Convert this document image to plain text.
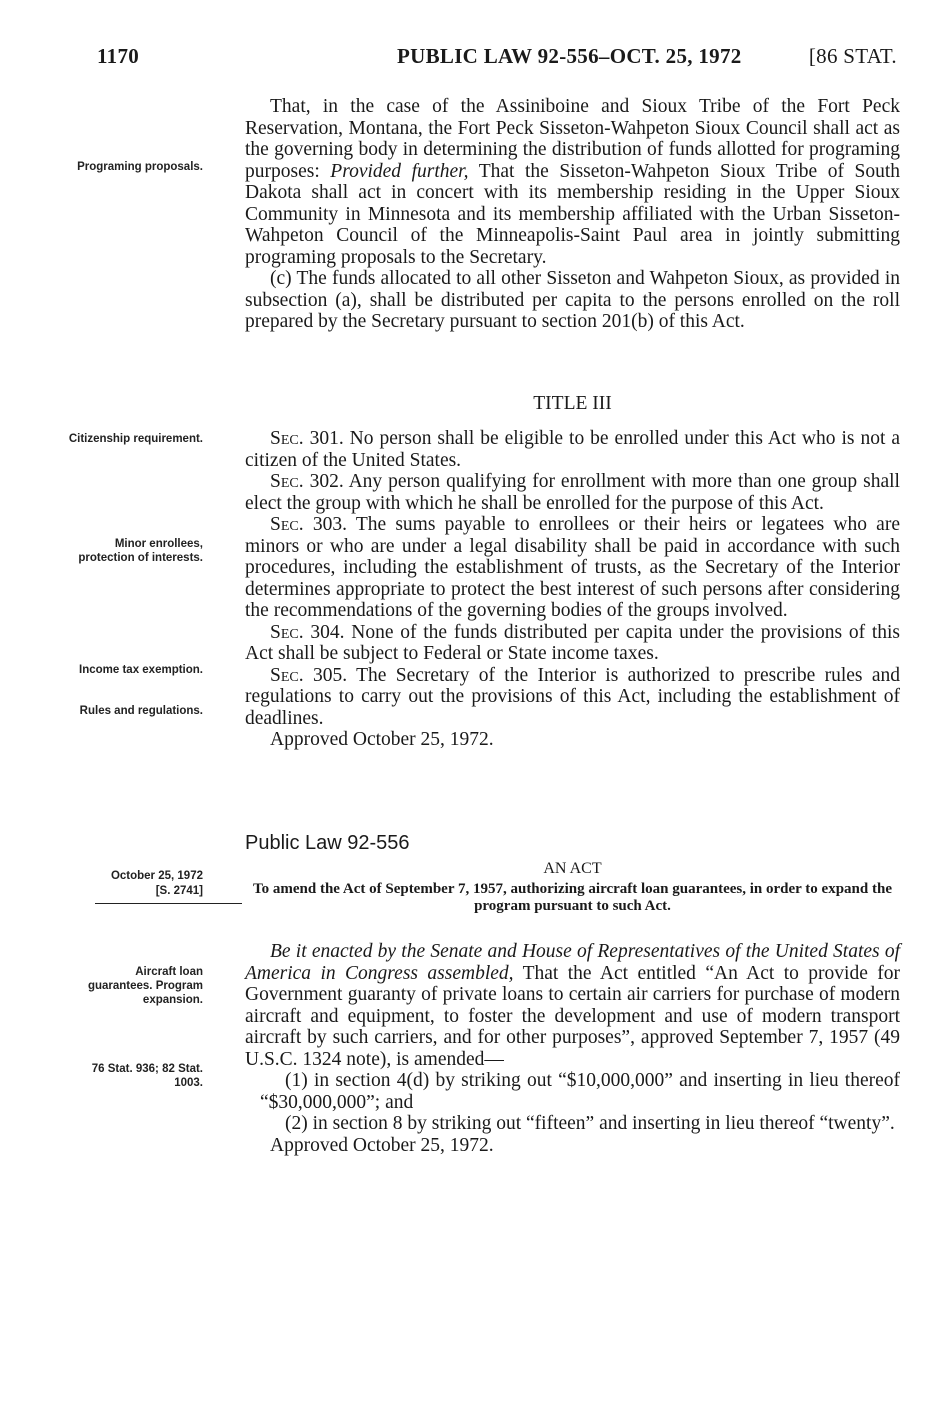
1170	PUBLIC LAW 92-556–OCT. 25, 1972	[86 STAT.
Programing proposals.
Citizenship requirement.
Minor enrollees, protection of interests.
Income tax exemption.
Rules and regulations.
October 25, 1972
[S. 2741]
Aircraft loan guarantees. Program expansion.
76 Stat. 936; 82 Stat. 1003.

That, in the case of the Assiniboine and Sioux Tribe of the Fort Peck Reservation, Montana, the Fort Peck Sisseton-Wahpeton Sioux Council shall act as the governing body in determining the distribution of funds allotted for programing purposes: Provided further, That the Sisseton-Wahpeton Sioux Tribe of South Dakota shall act in concert with its membership residing in the Upper Sioux Community in Minnesota and its membership affiliated with the Urban Sisseton-Wahpeton Council of the Minneapolis-Saint Paul area in jointly submitting programing proposals to the Secretary.

(c) The funds allocated to all other Sisseton and Wahpeton Sioux, as provided in subsection (a), shall be distributed per capita to the persons enrolled on the roll prepared by the Secretary pursuant to section 201(b) of this Act.

TITLE III

Sec. 301. No person shall be eligible to be enrolled under this Act who is not a citizen of the United States.

Sec. 302. Any person qualifying for enrollment with more than one group shall elect the group with which he shall be enrolled for the purpose of this Act.

Sec. 303. The sums payable to enrollees or their heirs or legatees who are minors or who are under a legal disability shall be paid in accordance with such procedures, including the establishment of trusts, as the Secretary of the Interior determines appropriate to protect the best interest of such persons after considering the recommendations of the governing bodies of the groups involved.

Sec. 304. None of the funds distributed per capita under the provisions of this Act shall be subject to Federal or State income taxes.

Sec. 305. The Secretary of the Interior is authorized to prescribe rules and regulations to carry out the provisions of this Act, including the establishment of deadlines.

Approved October 25, 1972.

Public Law 92-556
AN ACT
To amend the Act of September 7, 1957, authorizing aircraft loan guarantees, in order to expand the program pursuant to such Act.

Be it enacted by the Senate and House of Representatives of the United States of America in Congress assembled, That the Act entitled “An Act to provide for Government guaranty of private loans to certain air carriers for purchase of modern aircraft and equipment, to foster the development and use of modern transport aircraft by such carriers, and for other purposes”, approved September 7, 1957 (49 U.S.C. 1324 note), is amended—

(1) in section 4(d) by striking out “$10,000,000” and inserting in lieu thereof “$30,000,000”; and
(2) in section 8 by striking out “fifteen” and inserting in lieu thereof “twenty”.

Approved October 25, 1972.
